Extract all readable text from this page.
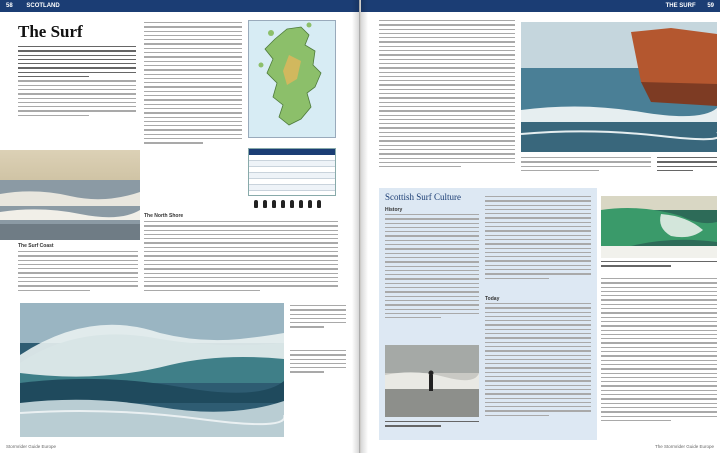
58 SCOTLAND
The Surf
The Surf Coast
The North Shore
Stormrider Guide Europe
THE SURF 59
Scottish Surf Culture
History
Today
The Stormrider Guide Europe
